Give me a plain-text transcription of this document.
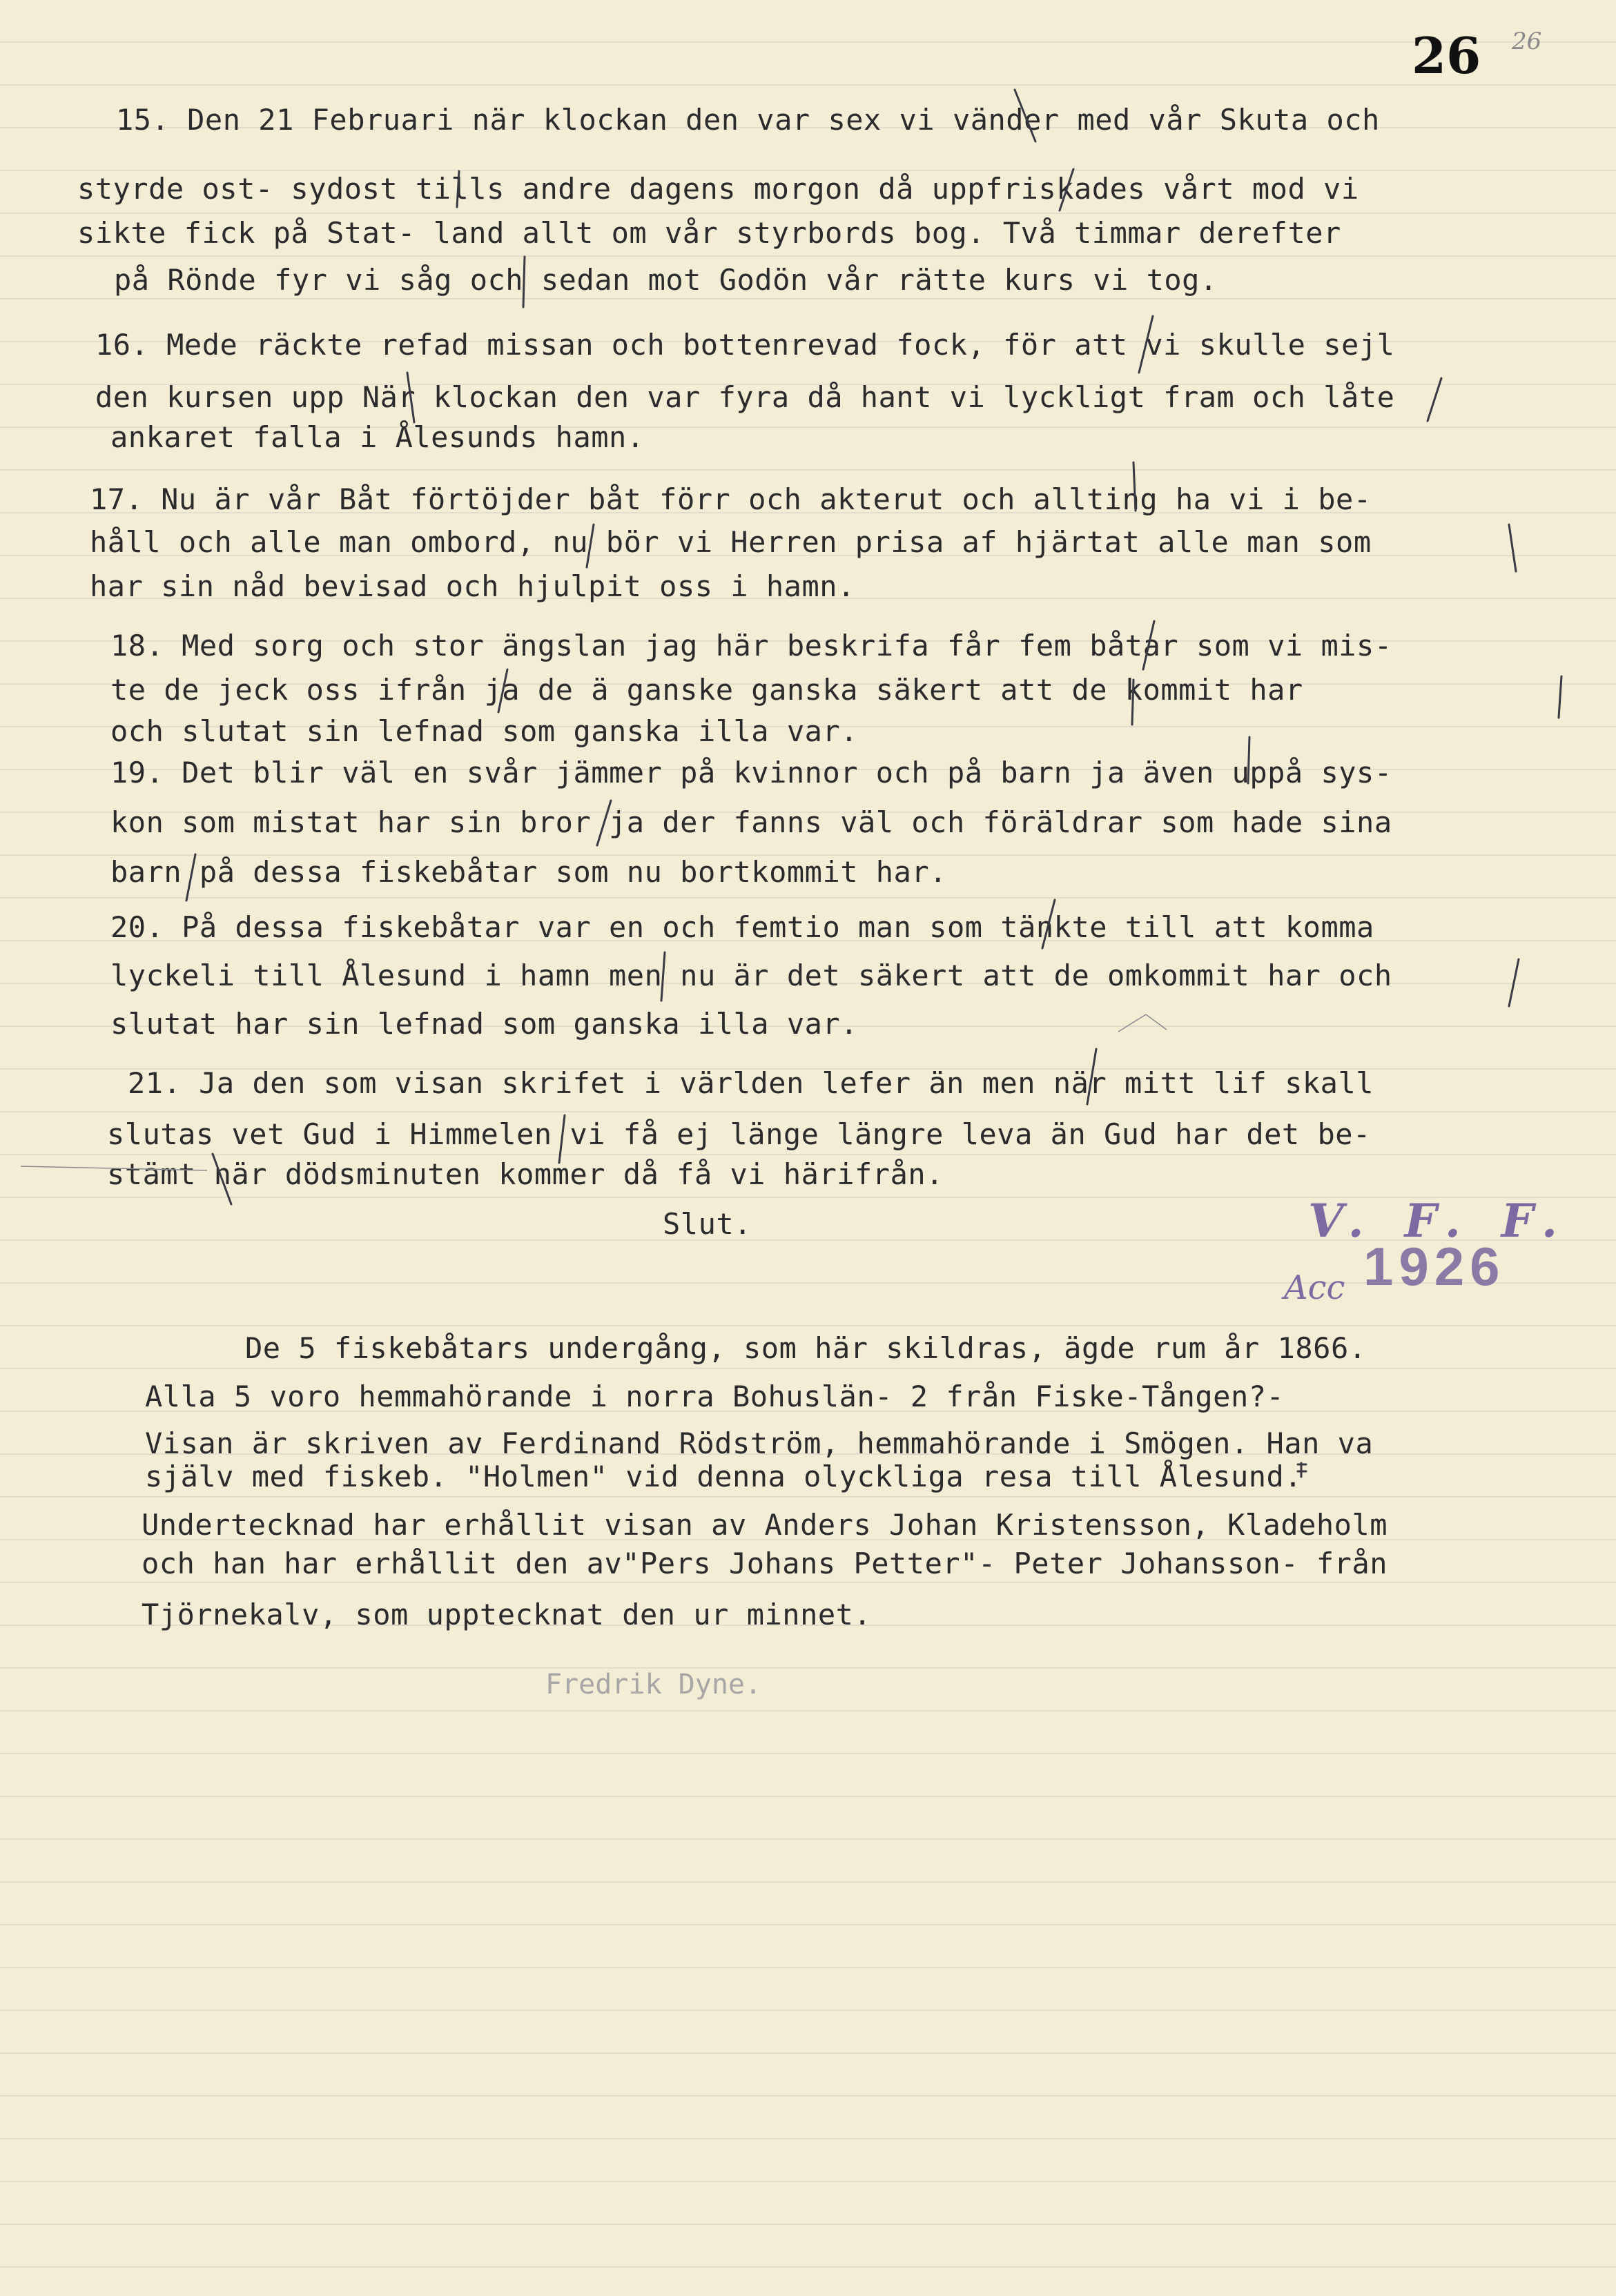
26 26
15. Den 21 Februari när klockan den var sex vi vänder med vår Skuta och
styrde ost- sydost tills andre dagens morgon då uppfriskades vårt mod vi
sikte fick på Stat- land allt om vår styrbords bog. Två timmar derefter
på Rönde fyr vi såg och sedan mot Godön vår rätte kurs vi tog.
16. Mede räckte refad missan och bottenrevad fock, för att vi skulle sejl
den kursen upp När klockan den var fyra då hant vi lyckligt fram och låte
ankaret falla i Ålesunds hamn.
17. Nu är vår Båt förtöjder båt förr och akterut och allting ha vi i be-
håll och alle man ombord, nu bör vi Herren prisa af hjärtat alle man som
har sin nåd bevisad och hjulpit oss i hamn.
18. Med sorg och stor ängslan jag här beskrifa får fem båtar som vi mis-
te de jeck oss ifrån ja de ä ganske ganska säkert att de kommit har
och slutat sin lefnad som ganska illa var.
19. Det blir väl en svår jämmer på kvinnor och på barn ja även uppå sys-
kon som mistat har sin bror ja der fanns väl och föräldrar som hade sina
barn på dessa fiskebåtar som nu bortkommit har.
20. På dessa fiskebåtar var en och femtio man som tänkte till att komma
lyckeli till Ålesund i hamn men nu är det säkert att de omkommit har och
slutat har sin lefnad som ganska illa var.
21. Ja den som visan skrifet i världen lefer än men när mitt lif skall
slutas vet Gud i Himmelen vi få ej länge längre leva än Gud har det be-
stämt när dödsminuten kommer då få vi härifrån.
Slut.
De 5 fiskebåtars undergång, som här skildras, ägde rum år 1866.
Alla 5 voro hemmahörande i norra Bohuslän- 2 från Fiske-Tången?-
Visan är skriven av Ferdinand Rödström, hemmahörande i Smögen. Han va
själv med fiskeb. "Holmen" vid denna olyckliga resa till Ålesund.
Undertecknad har erhållit visan av Anders Johan Kristensson, Kladeholm
och han har erhållit den av"Pers Johans Petter"- Peter Johansson- från
Tjörnekalv, som upptecknat den ur minnet.
Fredrik Dyne.
V. F. F.
1926
Acc
